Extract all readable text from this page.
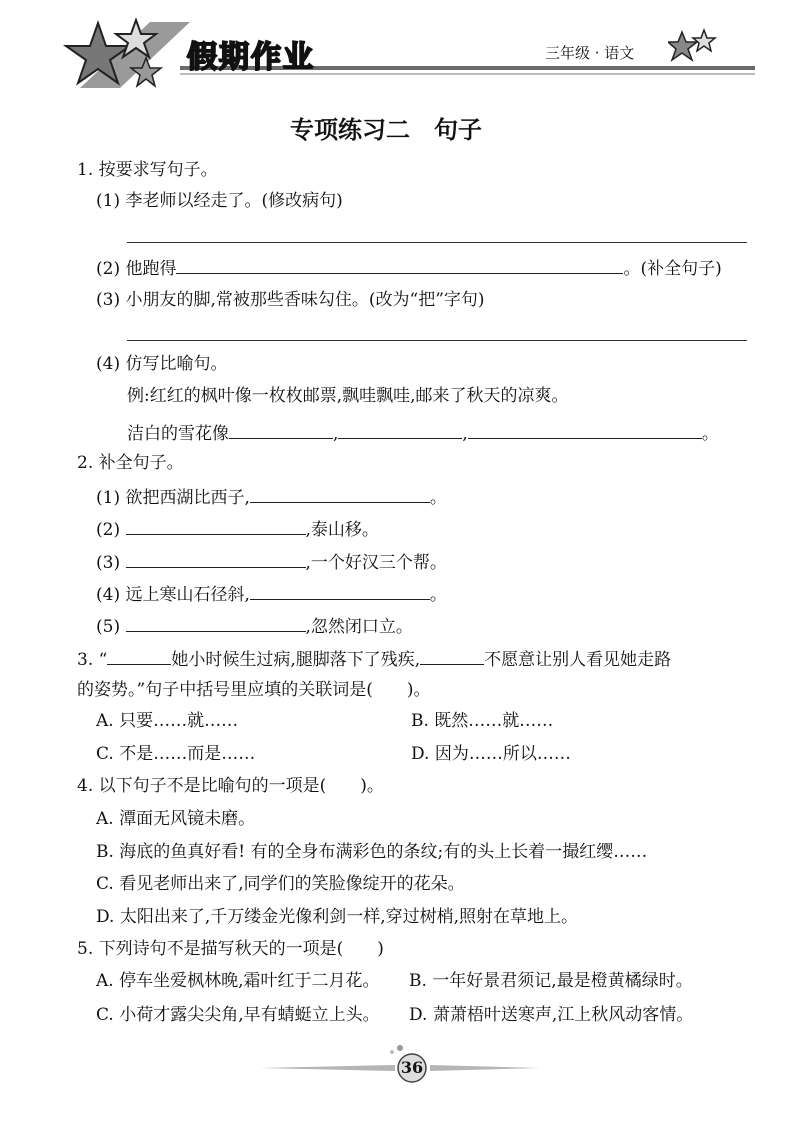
假期作业	三年级 · 语文
专项练习二　句子
1. 按要求写句子。
(1) 李老师以经走了。(修改病句)
(2) 他跑得	。(补全句子)
(3) 小朋友的脚,常被那些香味勾住。(改为“把”字句)
(4) 仿写比喻句。
例:红红的枫叶像一枚枚邮票,飘哇飘哇,邮来了秋天的凉爽。
洁白的雪花像	,	,	。
2. 补全句子。
(1) 欲把西湖比西子,	。
(2)	,泰山移。
(3)	,一个好汉三个帮。
(4) 远上寒山石径斜,	。
(5)	,忽然闭口立。
3. “	她小时候生过病,腿脚落下了残疾,	不愿意让别人看见她走路
的姿势。”句子中括号里应填的关联词是(　　)。
A. 只要……就……	B. 既然……就……
C. 不是……而是……	D. 因为……所以……
4. 以下句子不是比喻句的一项是(　　)。
A. 潭面无风镜未磨。
B. 海底的鱼真好看! 有的全身布满彩色的条纹;有的头上长着一撮红缨……
C. 看见老师出来了,同学们的笑脸像绽开的花朵。
D. 太阳出来了,千万缕金光像利剑一样,穿过树梢,照射在草地上。
5. 下列诗句不是描写秋天的一项是(　　)
A. 停车坐爱枫林晚,霜叶红于二月花。 B. 一年好景君须记,最是橙黄橘绿时。
C. 小荷才露尖尖角,早有蜻蜓立上头。 D. 萧萧梧叶送寒声,江上秋风动客情。
36
